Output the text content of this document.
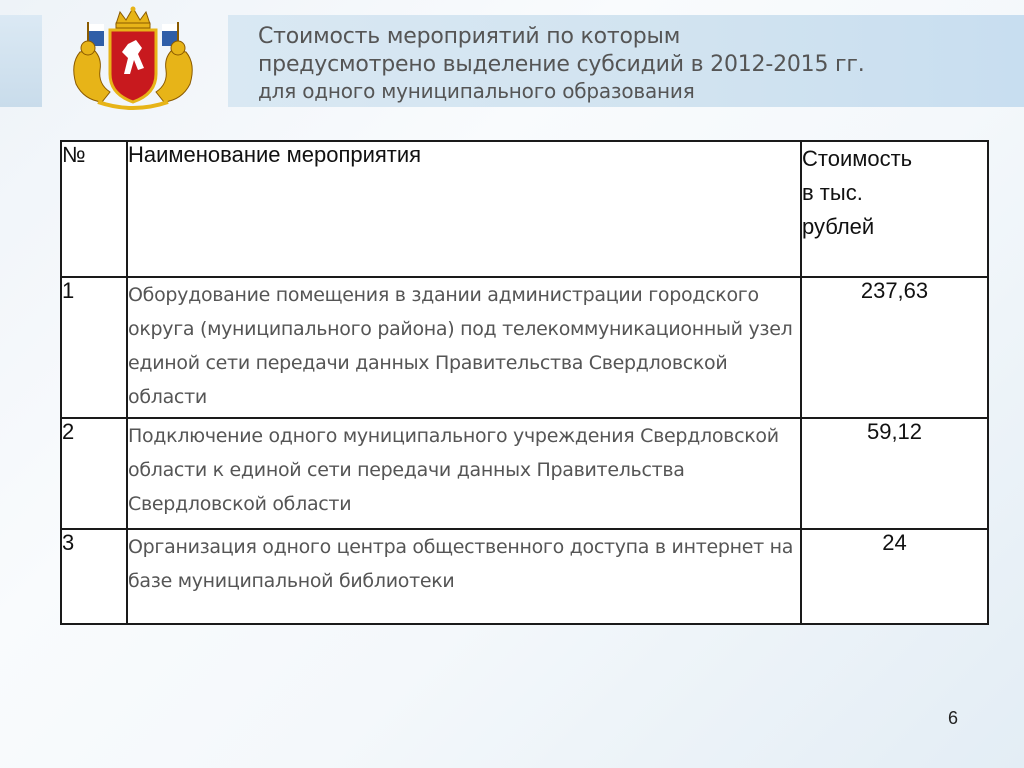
Стоимость мероприятий по которым

предусмотрено выделение субсидий в 2012-2015 гг.

для одного муниципального образования

№	Наименование мероприятия	Стоимость
в тыс.
рублей

1	Оборудование помещения в здании администрации городского округа (муниципального района) под телекоммуникационный узел единой сети передачи данных Правительства Свердловской области	237,63
2	Подключение одного муниципального учреждения Свердловской области к единой сети передачи данных Правительства Свердловской области	59,12
3	Организация одного центра общественного доступа в интернет на базе муниципальной библиотеки	24
6
